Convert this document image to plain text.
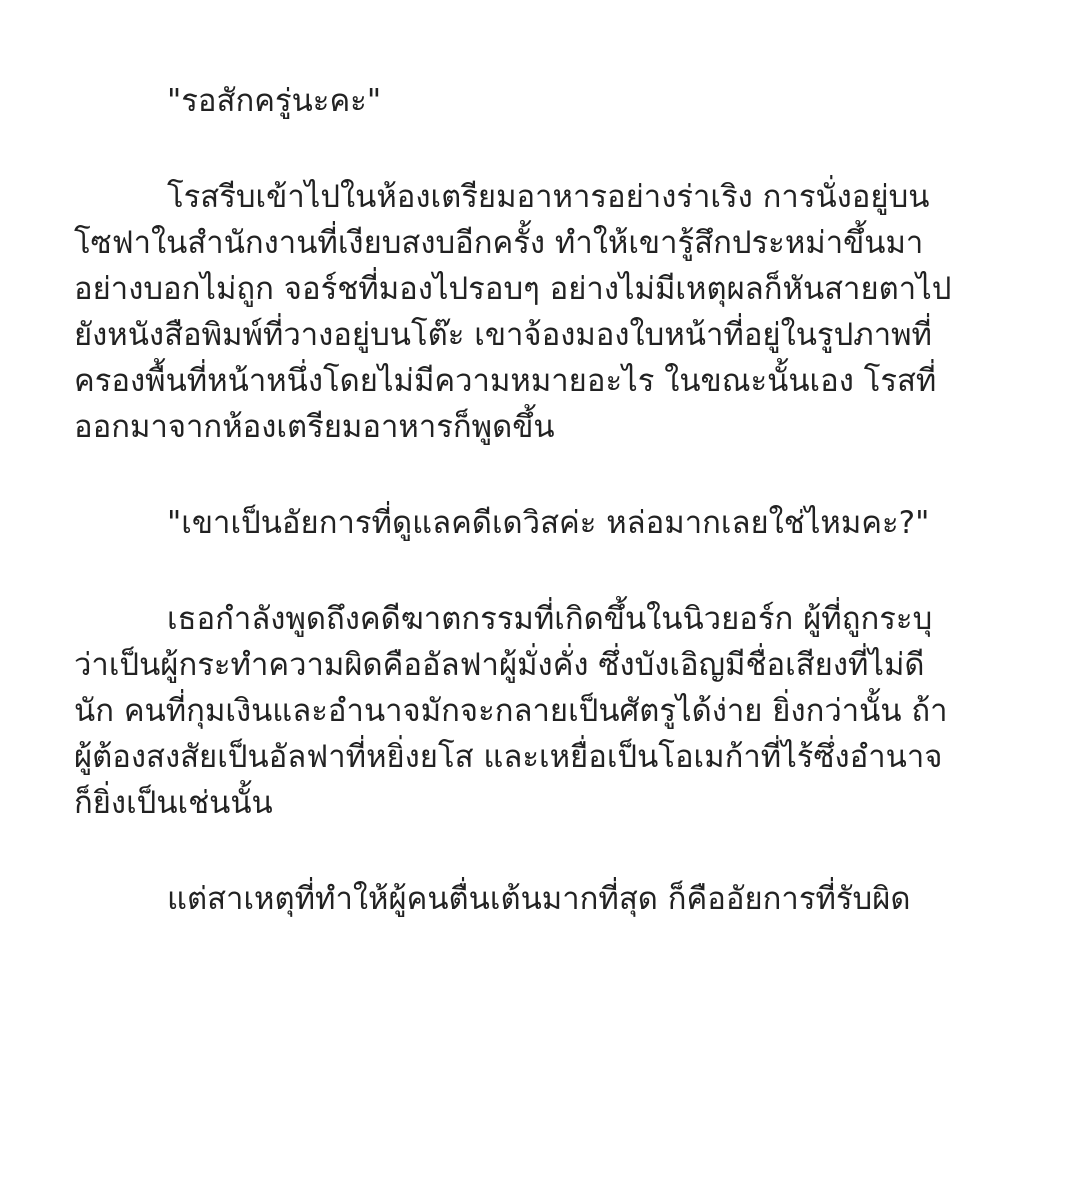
"รอสักครู่นะคะ"

โรสรีบเข้าไปในห้องเตรียมอาหารอย่างร่าเริง การนั่งอยู่บน
โซฟาในสำนักงานที่เงียบสงบอีกครั้ง ทำให้เขารู้สึกประหม่าขึ้นมา
อย่างบอกไม่ถูก จอร์ชที่มองไปรอบๆ อย่างไม่มีเหตุผลก็หันสายตาไป
ยังหนังสือพิมพ์ที่วางอยู่บนโต๊ะ เขาจ้องมองใบหน้าที่อยู่ในรูปภาพที่
ครองพื้นที่หน้าหนึ่งโดยไม่มีความหมายอะไร ในขณะนั้นเอง โรสที่
ออกมาจากห้องเตรียมอาหารก็พูดขึ้น

"เขาเป็นอัยการที่ดูแลคดีเดวิสค่ะ หล่อมากเลยใช่ไหมคะ?"

เธอกำลังพูดถึงคดีฆาตกรรมที่เกิดขึ้นในนิวยอร์ก ผู้ที่ถูกระบุ
ว่าเป็นผู้กระทำความผิดคืออัลฟาผู้มั่งคั่ง ซึ่งบังเอิญมีชื่อเสียงที่ไม่ดี
นัก คนที่กุมเงินและอำนาจมักจะกลายเป็นศัตรูได้ง่าย ยิ่งกว่านั้น ถ้า
ผู้ต้องสงสัยเป็นอัลฟาที่หยิ่งยโส และเหยื่อเป็นโอเมก้าที่ไร้ซึ่งอำนาจ
ก็ยิ่งเป็นเช่นนั้น

แต่สาเหตุที่ทำให้ผู้คนตื่นเต้นมากที่สุด ก็คืออัยการที่รับผิด
